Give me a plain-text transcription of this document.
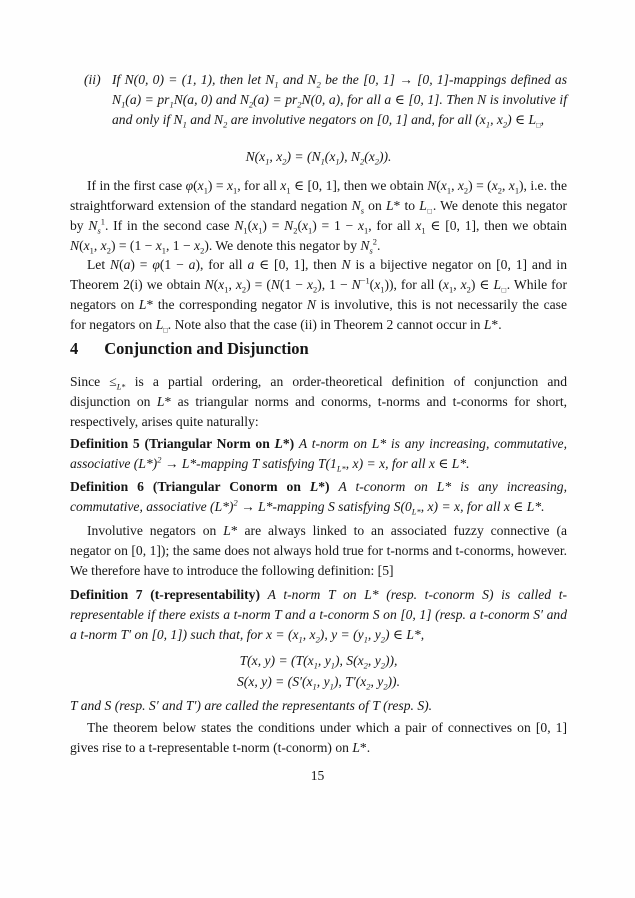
(ii) If N(0, 0) = (1, 1), then let $N_1$ and $N_2$ be the [0, 1] → [0, 1]-mappings defined as $N_1(a) = pr_1N(a$, 0) and $N_2(a) = pr_2N(0$, a), for all a ∈ [0, 1]. Then N is involutive if and only if $N_1$ and $N_2$ are involutive negators on [0, 1] and, for all ($x_1$, $x_2$) ∈ $L_□$,
$N(x_1$, $x_2) = (N_1(x_1)$, $N_2(x_2)$).

If in the first case $\varphi(x_1) = x_1$, for all $x_1$ ∈ [0, 1], then we obtain $N(x_1$, $x_2) = (x_2$, $x_1$), i.e. the straightforward extension of the standard negation $N_s$ on L* to $L_□$. We denote this negator by $N_s^1$. If in the second case $N_1(x_1) = N_2(x_1) = 1 - x_1$, for all $x_1$ ∈ [0, 1], then we obtain $N(x_1$, $x_2) = (1 - x_1$, $1 - x_2$). We denote this negator by $N_s^2$.

Let N(a) = φ(1 − a), for all a ∈ [0, 1], then N is a bijective negator on [0, 1] and in Theorem 2(i) we obtain $N(x_1$, $x_2) = (N(1 - x_2)$, $1 - N^{-1}(x_1)$), for all ($x_1$, $x_2$) ∈ $L_□$. While for negators on L* the corresponding negator N is involutive, this is not necessarily the case for negators on $L_□$. Note also that the case (ii) in Theorem 2 cannot occur in L*.

4 Conjunction and Disjunction

Since $\le_{L*}$ is a partial ordering, an order-theoretical definition of conjunction and disjunction on L* as triangular norms and conorms, t-norms and t-conorms for short, respectively, arises quite naturally:

Definition 5 (Triangular Norm on L*) A t-norm on L* is any increasing, commutative, associative $(L*)^2$ → L*-mapping T satisfying $T(1_{L*}$, x) = x, for all x ∈ L*.

Definition 6 (Triangular Conorm on L*) A t-conorm on L* is any increasing, commutative, associative $(L*)^2$ → L*-mapping S satisfying $S(0_{L*}$, x) = x, for all x ∈ L*.

Involutive negators on L* are always linked to an associated fuzzy connective (a negator on [0, 1]); the same does not always hold true for t-norms and t-conorms, however. We therefore have to introduce the following definition: [5]

Definition 7 (t-representability) A t-norm T on L* (resp. t-conorm S) is called t-representable if there exists a t-norm T and a t-conorm S on [0, 1] (resp. a t-conorm S′ and a t-norm T′ on [0, 1]) such that, for $x = (x_1$, $x_2$), $y = (y_1$, $y_2$) ∈ L*,

T(x, $y) = (T(x_1$, $y_1$), $S(x_2$, $y_2$)),
S(x, $y) = (S'(x_1$, $y_1$), $T'(x_2$, $y_2$)).

T and S (resp. S′ and T′) are called the representants of T (resp. S).

The theorem below states the conditions under which a pair of connectives on [0, 1] gives rise to a t-representable t-norm (t-conorm) on L*.

15
